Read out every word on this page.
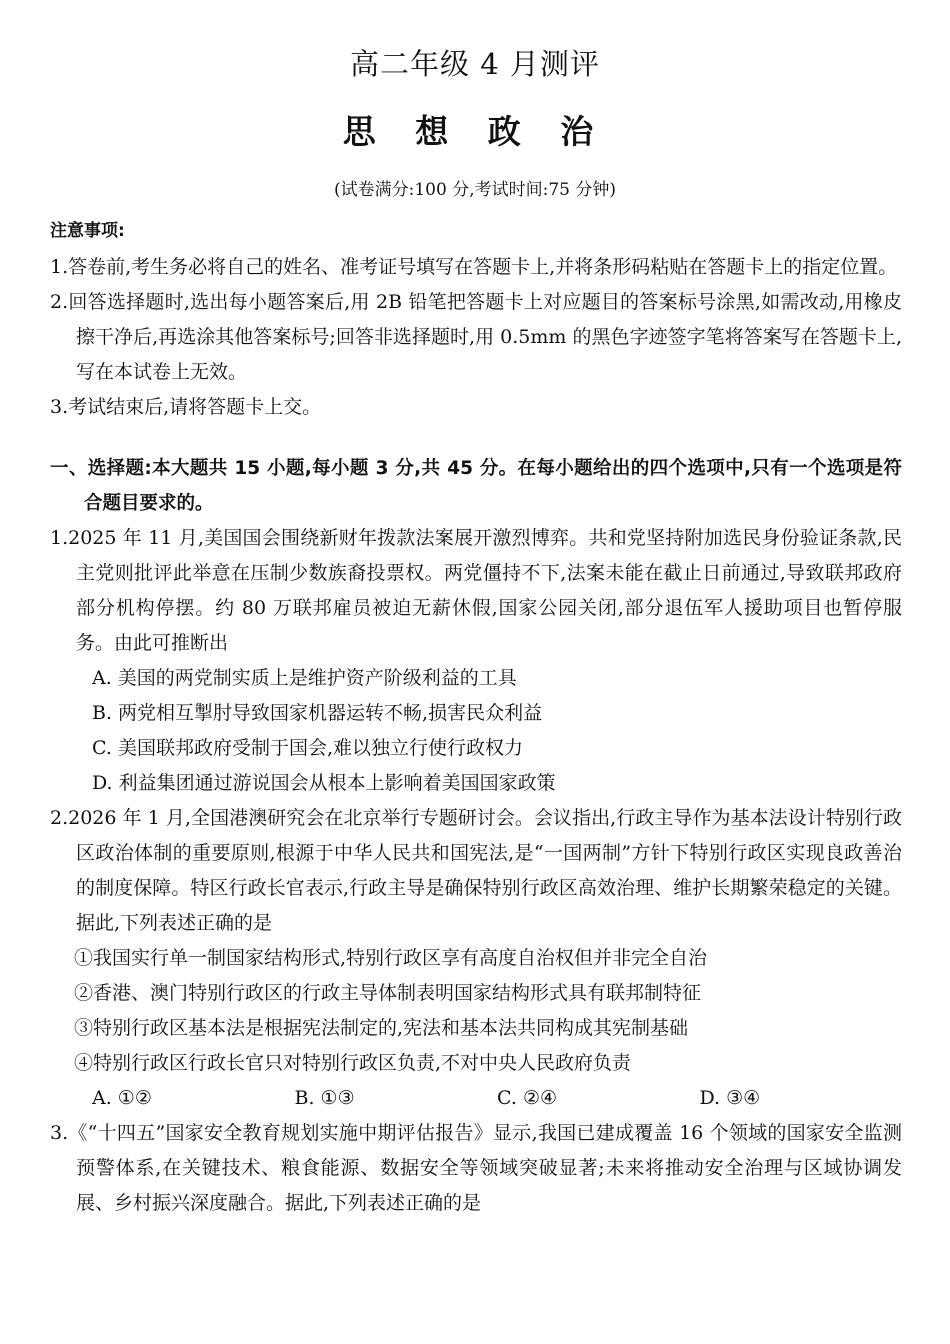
高二年级 4 月测评
思 想 政 治
(试卷满分:100 分,考试时间:75 分钟)
注意事项:
1.答卷前,考生务必将自己的姓名、准考证号填写在答题卡上,并将条形码粘贴在答题卡上的指定位置。
2.回答选择题时,选出每小题答案后,用 2B 铅笔把答题卡上对应题目的答案标号涂黑,如需改动,用橡皮擦干净后,再选涂其他答案标号;回答非选择题时,用 0.5mm 的黑色字迹签字笔将答案写在答题卡上,写在本试卷上无效。
3.考试结束后,请将答题卡上交。
一、选择题:本大题共 15 小题,每小题 3 分,共 45 分。在每小题给出的四个选项中,只有一个选项是符合题目要求的。
1.2025 年 11 月,美国国会围绕新财年拨款法案展开激烈博弈。共和党坚持附加选民身份验证条款,民主党则批评此举意在压制少数族裔投票权。两党僵持不下,法案未能在截止日前通过,导致联邦政府部分机构停摆。约 80 万联邦雇员被迫无薪休假,国家公园关闭,部分退伍军人援助项目也暂停服务。由此可推断出
A. 美国的两党制实质上是维护资产阶级利益的工具
B. 两党相互掣肘导致国家机器运转不畅,损害民众利益
C. 美国联邦政府受制于国会,难以独立行使行政权力
D. 利益集团通过游说国会从根本上影响着美国国家政策
2.2026 年 1 月,全国港澳研究会在北京举行专题研讨会。会议指出,行政主导作为基本法设计特别行政区政治体制的重要原则,根源于中华人民共和国宪法,是“一国两制”方针下特别行政区实现良政善治的制度保障。特区行政长官表示,行政主导是确保特别行政区高效治理、维护长期繁荣稳定的关键。据此,下列表述正确的是
①我国实行单一制国家结构形式,特别行政区享有高度自治权但并非完全自治
②香港、澳门特别行政区的行政主导体制表明国家结构形式具有联邦制特征
③特别行政区基本法是根据宪法制定的,宪法和基本法共同构成其宪制基础
④特别行政区行政长官只对特别行政区负责,不对中央人民政府负责
A. ①②	B. ①③	C. ②④	D. ③④
3.《“十四五”国家安全教育规划实施中期评估报告》显示,我国已建成覆盖 16 个领域的国家安全监测预警体系,在关键技术、粮食能源、数据安全等领域突破显著;未来将推动安全治理与区域协调发展、乡村振兴深度融合。据此,下列表述正确的是
